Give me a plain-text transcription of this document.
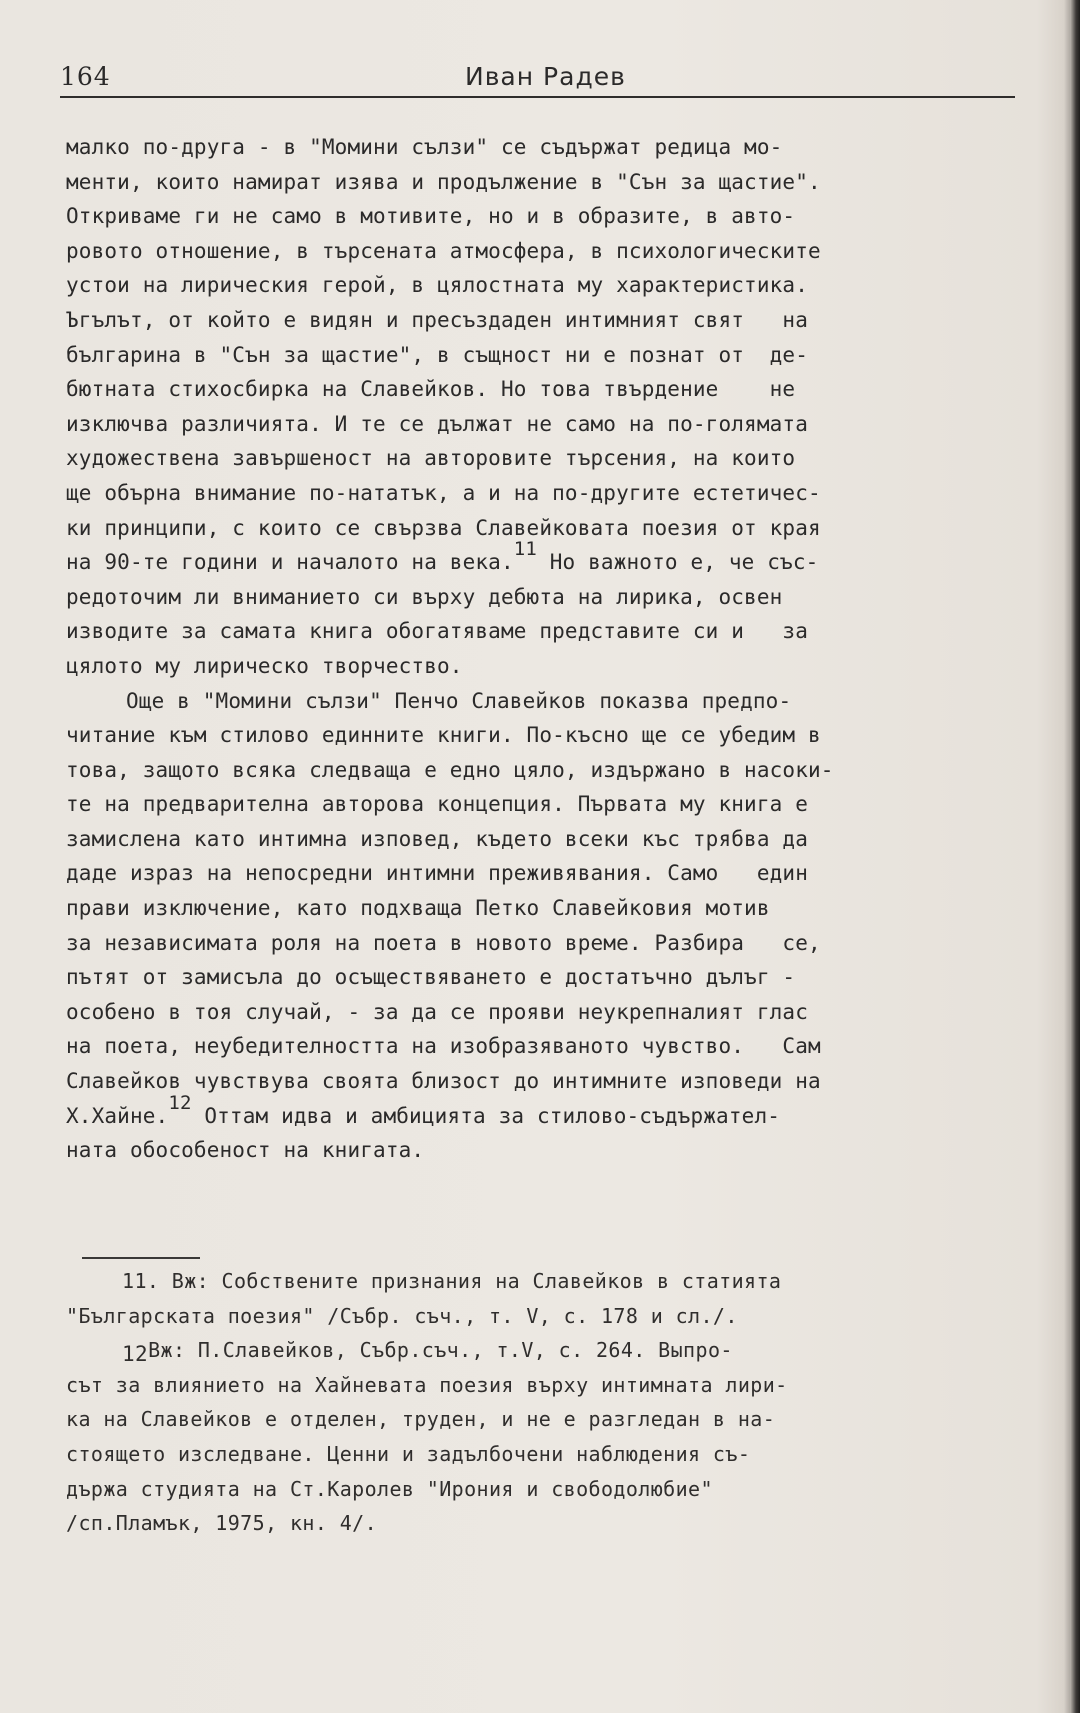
164	Иван Радев
малко по-друга - в "Момини сълзи" се съдържат редица мо-
менти, които намират изява и продължение в "Сън за щастие".
Откриваме ги не само в мотивите, но и в образите, в авто-
ровото отношение, в търсената атмосфера, в психологическите
устои на лирическия герой, в цялостната му характеристика.
Ъгълът, от който е видян и пресъздаден интимният свят   на
българина в "Сън за щастие", в същност ни е познат от  де-
бютната стихосбирка на Славейков. Но това твърдение    не
изключва различията. И те се дължат не само на по-голямата
художествена завършеност на авторовите търсения, на които
ще обърна внимание по-нататък, а и на по-другите естетичес-
ки принципи, с които се свързва Славейковата поезия от края
на 90-те години и началото на века.$^{11}$ Но важното е, че със-
редоточим ли вниманието си върху дебюта на лирика, освен
изводите за самата книга обогатяваме представите си и   за
цялото му лирическо творчество.
Още в "Момини сълзи" Пенчо Славейков показва предпо-
читание към стилово единните книги. По-късно ще се убедим в
това, защото всяка следваща е едно цяло, издържано в насоки-
те на предварителна авторова концепция. Първата му книга е
замислена като интимна изповед, където всеки къс трябва да
даде израз на непосредни интимни преживявания. Само   един
прави изключение, като подхваща Петко Славейковия мотив
за независимата роля на поета в новото време. Разбира   се,
пътят от замисъла до осъществяването е достатъчно дълъг -
особено в тоя случай, - за да се прояви неукрепналият глас
на поета, неубедителността на изобразяваното чувство.   Сам
Славейков чувствува своята близост до интимните изповеди на
Х.Хайне.$^{12}$ Оттам идва и амбицията за стилово-съдържател-
ната обособеност на книгата.
11. Вж: Собствените признания на Славейков в статията
"Българската поезия" /Събр. съч., т. V, с. 178 и сл./.
12Вж: П.Славейков, Събр.съч., т.V, с. 264. Выпро-
сът за влиянието на Хайневата поезия върху интимната лири-
ка на Славейков е отделен, труден, и не е разгледан в на-
стоящето изследване. Ценни и задълбочени наблюдения съ-
държа студията на Ст.Каролев "Ирония и свободолюбие"
/сп.Пламък, 1975, кн. 4/.
